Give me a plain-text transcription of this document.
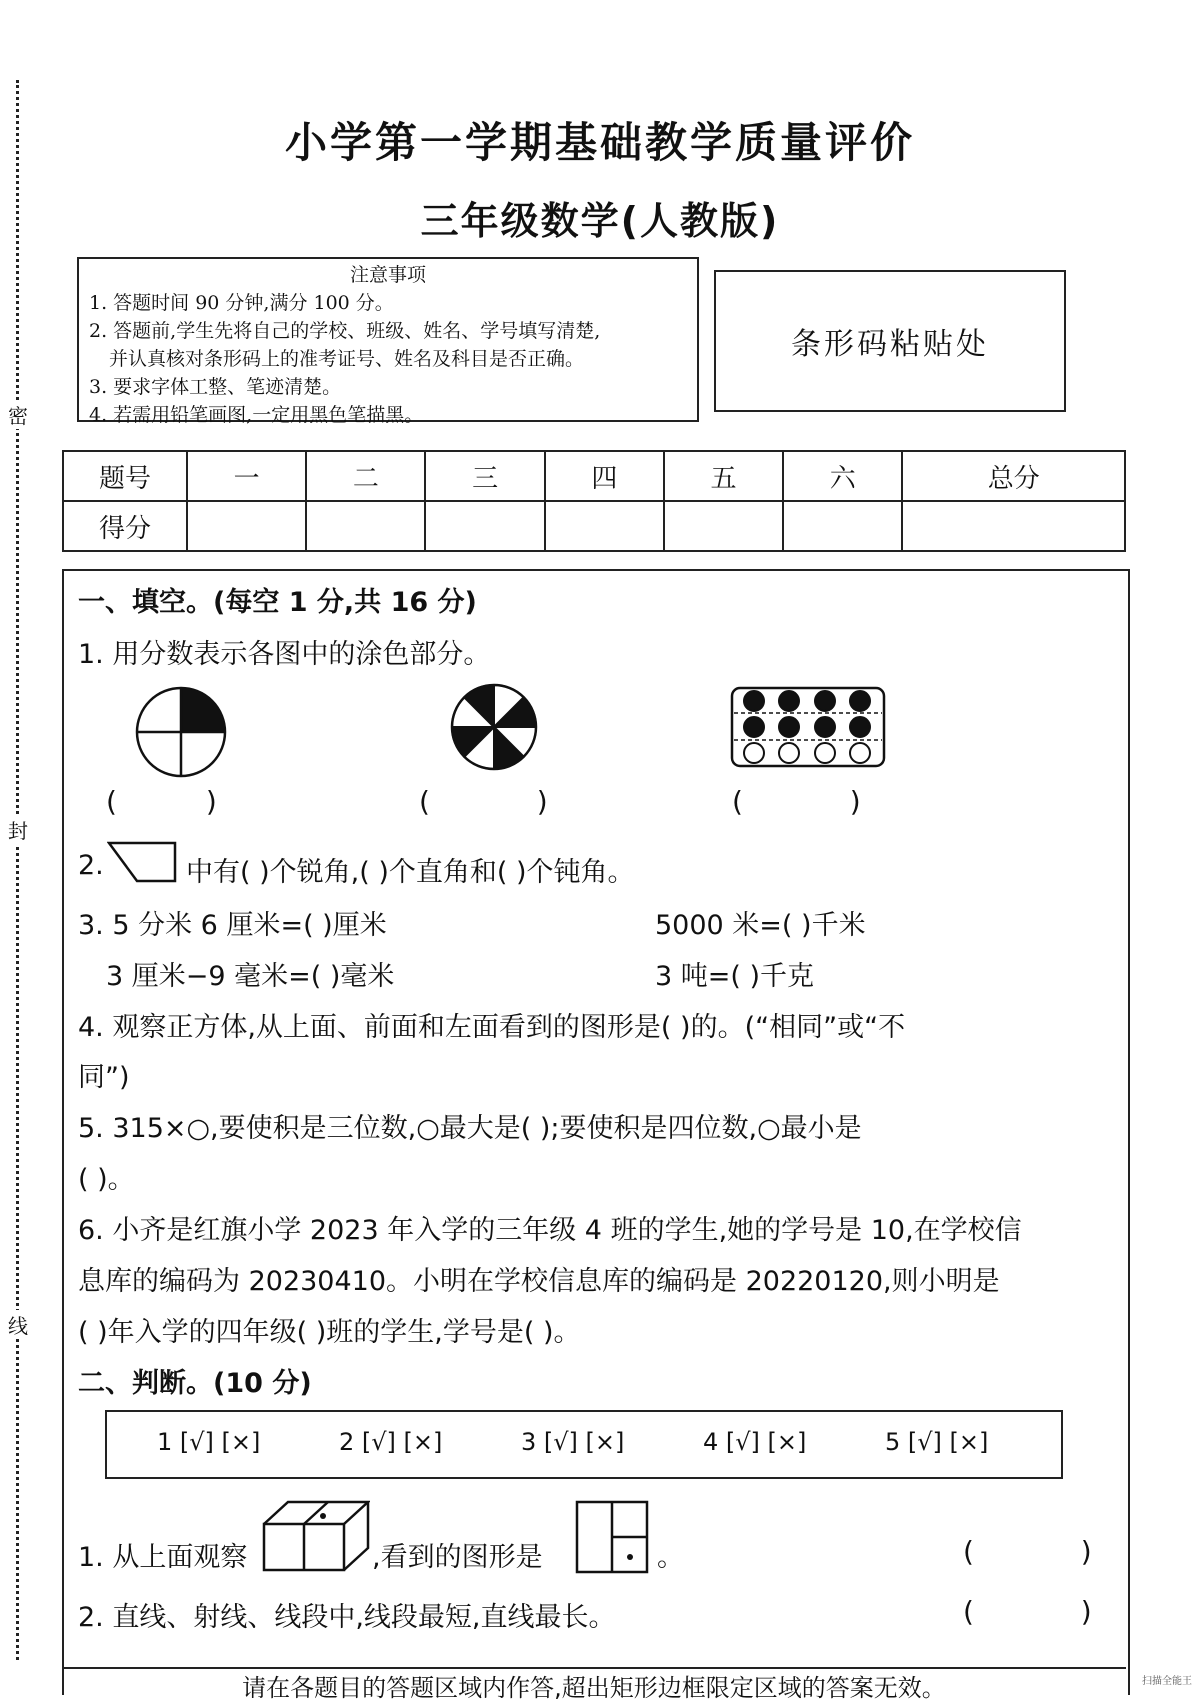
密
封
线
小学第一学期基础教学质量评价
三年级数学(人教版)
注意事项
1. 答题时间 90 分钟,满分 100 分。
2. 答题前,学生先将自己的学校、班级、姓名、学号填写清楚,
并认真核对条形码上的准考证号、姓名及科目是否正确。
3. 要求字体工整、笔迹清楚。
4. 若需用铅笔画图,一定用黑色笔描黑。
条形码粘贴处
题号	一	二	三	四	五	六	总分
得分							
一、填空。(每空 1 分,共 16 分)
1. 用分数表示各图中的涂色部分。
(          )	(            )	(            )
2.	中有( )个锐角,( )个直角和( )个钝角。
3. 5 分米 6 厘米=( )厘米	5000 米=( )千米
3 厘米−9 毫米=( )毫米	3 吨=( )千克
4. 观察正方体,从上面、前面和左面看到的图形是( )的。(“相同”或“不
同”)
5. 315×○,要使积是三位数,○最大是( );要使积是四位数,○最小是
( )。
6. 小齐是红旗小学 2023 年入学的三年级 4 班的学生,她的学号是 10,在学校信
息库的编码为 20230410。小明在学校信息库的编码是 20220120,则小明是
( )年入学的四年级( )班的学生,学号是( )。
二、判断。(10 分)
1 [√] [×]	2 [√] [×]	3 [√] [×]	4 [√] [×]	5 [√] [×]
1. 从上面观察	,看到的图形是	。	(            )
2. 直线、射线、线段中,线段最短,直线最长。	(            )
请在各题目的答题区域内作答,超出矩形边框限定区域的答案无效。	扫描全能王
